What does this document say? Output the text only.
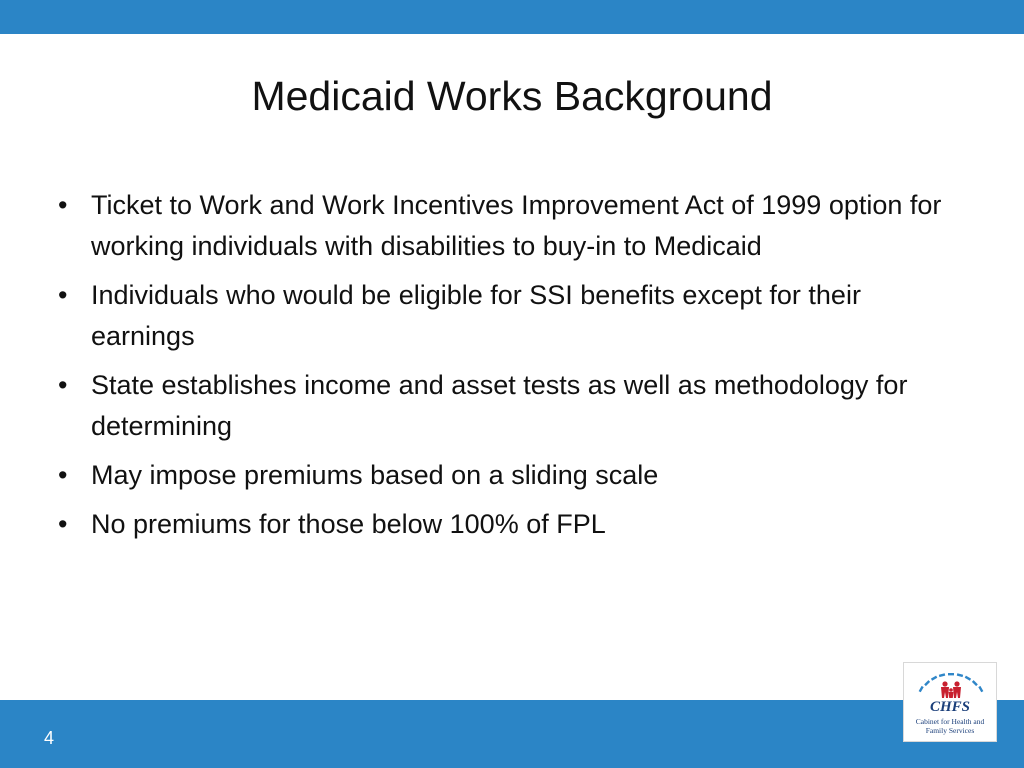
Medicaid Works Background
• Ticket to Work and Work Incentives Improvement Act of 1999 option for working individuals with disabilities to buy-in to Medicaid
• Individuals who would be eligible for SSI benefits except for their earnings
• State establishes income and asset tests as well as methodology for determining
• May impose premiums based on a sliding scale
• No premiums for those below 100% of FPL
4
CHFS
Cabinet for Health and
Family Services
